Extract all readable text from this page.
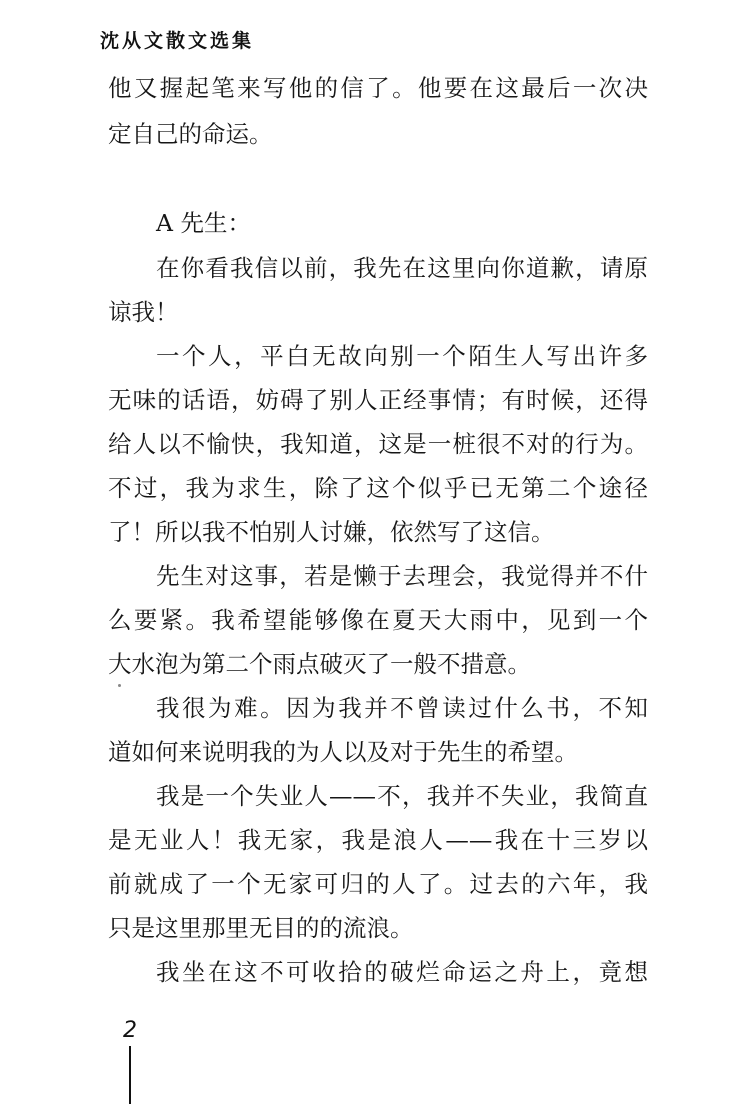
沈从文散文选集
他又握起笔来写他的信了。他要在这最后一次决
定自己的命运。
A 先生：
在你看我信以前，我先在这里向你道歉，请原
谅我！
一个人，平白无故向别一个陌生人写出许多
无味的话语，妨碍了别人正经事情；有时候，还得
给人以不愉快，我知道，这是一桩很不对的行为。
不过，我为求生，除了这个似乎已无第二个途径
了！所以我不怕别人讨嫌，依然写了这信。
先生对这事，若是懒于去理会，我觉得并不什
么要紧。我希望能够像在夏天大雨中，见到一个
大水泡为第二个雨点破灭了一般不措意。
我很为难。因为我并不曾读过什么书，不知
道如何来说明我的为人以及对于先生的希望。
我是一个失业人——不，我并不失业，我简直
是无业人！我无家，我是浪人——我在十三岁以
前就成了一个无家可归的人了。过去的六年，我
只是这里那里无目的的流浪。
我坐在这不可收拾的破烂命运之舟上，竟想
2
